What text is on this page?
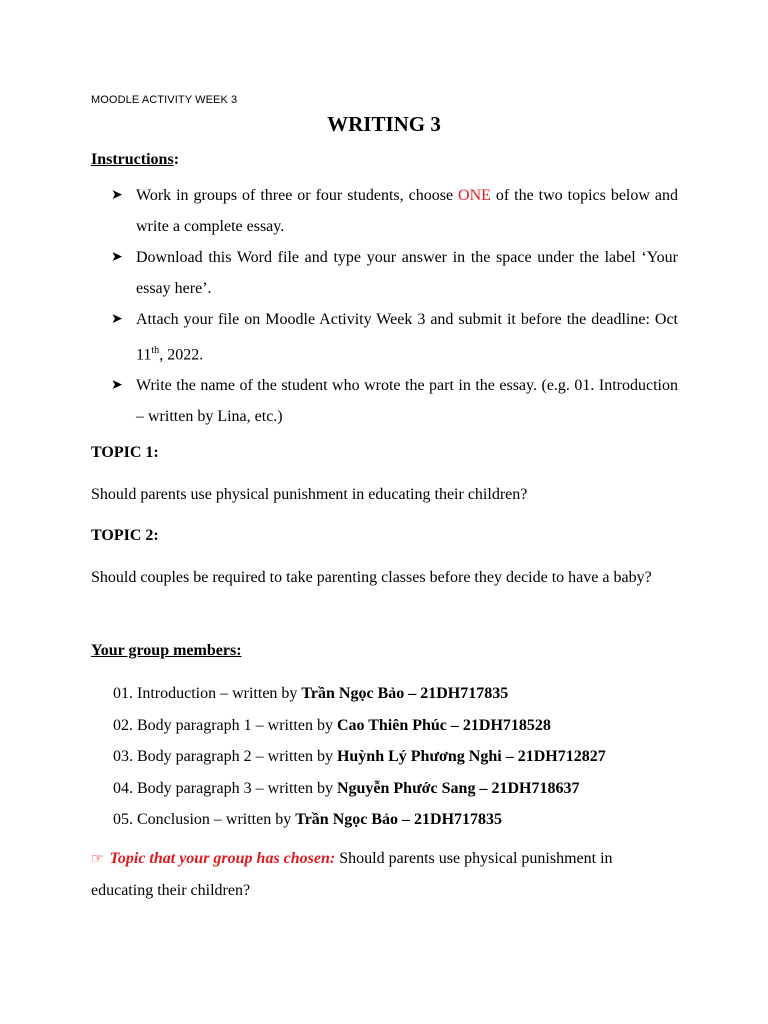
MOODLE ACTIVITY WEEK 3
WRITING 3
Instructions:
➤ Work in groups of three or four students, choose ONE of the two topics below and write a complete essay.
➤ Download this Word file and type your answer in the space under the label ‘Your essay here’.
➤ Attach your file on Moodle Activity Week 3 and submit it before the deadline: Oct 11th, 2022.
➤ Write the name of the student who wrote the part in the essay. (e.g. 01. Introduction – written by Lina, etc.)
TOPIC 1:
Should parents use physical punishment in educating their children?
TOPIC 2:
Should couples be required to take parenting classes before they decide to have a baby?
Your group members:
01. Introduction – written by Trần Ngọc Bảo – 21DH717835
02. Body paragraph 1 – written by Cao Thiên Phúc – 21DH718528
03. Body paragraph 2 – written by Huỳnh Lý Phương Nghi – 21DH712827
04. Body paragraph 3 – written by Nguyễn Phước Sang – 21DH718637
05. Conclusion – written by Trần Ngọc Bảo – 21DH717835
☞ Topic that your group has chosen: Should parents use physical punishment in educating their children?
